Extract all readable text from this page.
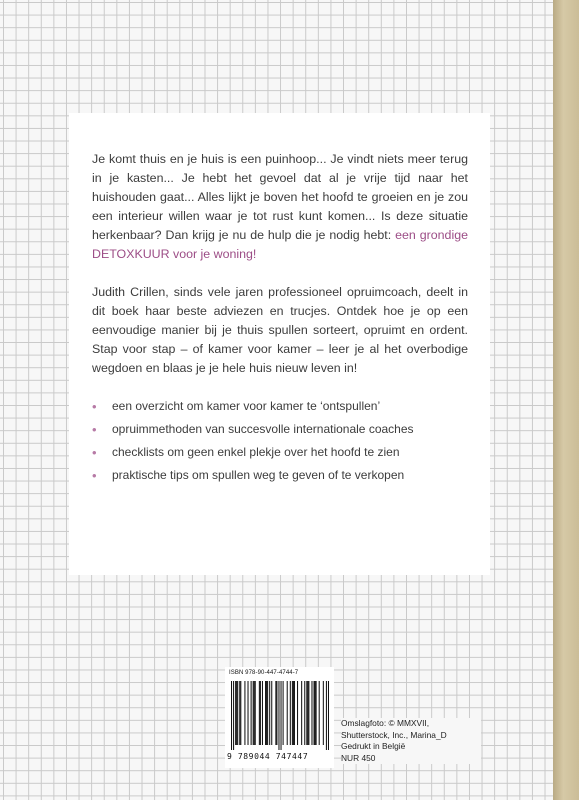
Je komt thuis en je huis is een puinhoop... Je vindt niets meer terug in je kasten... Je hebt het gevoel dat al je vrije tijd naar het huishouden gaat... Alles lijkt je boven het hoofd te groeien en je zou een interieur willen waar je tot rust kunt komen... Is deze situatie herkenbaar? Dan krijg je nu de hulp die je nodig hebt: een grondige DETOXKUUR voor je woning!

Judith Crillen, sinds vele jaren professioneel opruimcoach, deelt in dit boek haar beste adviezen en trucjes. Ontdek hoe je op een eenvoudige manier bij je thuis spullen sorteert, opruimt en ordent. Stap voor stap – of kamer voor kamer – leer je al het overbodige wegdoen en blaas je je hele huis nieuw leven in!

• een overzicht om kamer voor kamer te ‘ontspullen’
• opruimmethoden van succesvolle internationale coaches
• checklists om geen enkel plekje over het hoofd te zien
• praktische tips om spullen weg te geven of te verkopen
ISBN 978-90-447-4744-7
9 789044 747447
Omslagfoto: © MMXVII,
Shutterstock, Inc., Marina_D
Gedrukt in België
NUR 450
